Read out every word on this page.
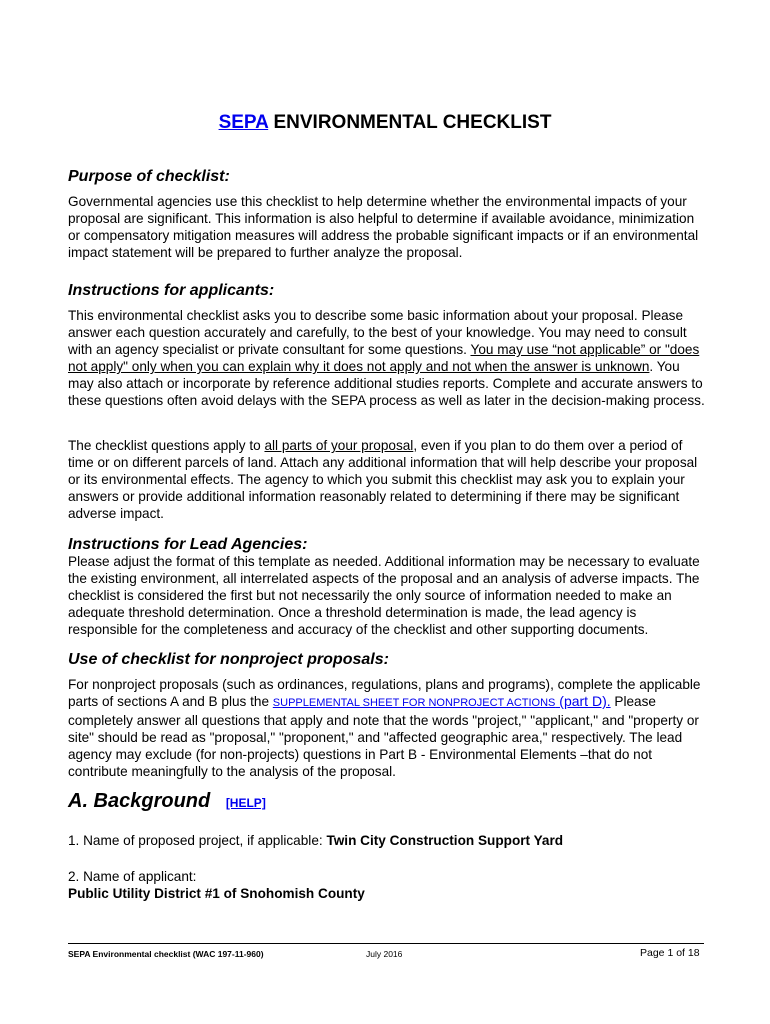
SEPA ENVIRONMENTAL CHECKLIST
Purpose of checklist:
Governmental agencies use this checklist to help determine whether the environmental impacts of your
proposal are significant. This information is also helpful to determine if available avoidance, minimization
or compensatory mitigation measures will address the probable significant impacts or if an environmental
impact statement will be prepared to further analyze the proposal.
Instructions for applicants:

This environmental checklist asks you to describe some basic information about your proposal. Please answer each question accurately and carefully, to the best of your knowledge. You may need to consult with an agency specialist or private consultant for some questions. You may use “not applicable” or "does not apply" only when you can explain why it does not apply and not when the answer is unknown. You may also attach or incorporate by reference additional studies reports. Complete and accurate answers to these questions often avoid delays with the SEPA process as well as later in the decision-making process.

The checklist questions apply to all parts of your proposal, even if you plan to do them over a period of time or on different parcels of land. Attach any additional information that will help describe your proposal or its environmental effects. The agency to which you submit this checklist may ask you to explain your answers or provide additional information reasonably related to determining if there may be significant adverse impact.

Instructions for Lead Agencies:

Please adjust the format of this template as needed. Additional information may be necessary to evaluate the existing environment, all interrelated aspects of the proposal and an analysis of adverse impacts. The checklist is considered the first but not necessarily the only source of information needed to make an adequate threshold determination. Once a threshold determination is made, the lead agency is responsible for the completeness and accuracy of the checklist and other supporting documents.

Use of checklist for nonproject proposals:

For nonproject proposals (such as ordinances, regulations, plans and programs), complete the applicable parts of sections A and B plus the SUPPLEMENTAL SHEET FOR NONPROJECT ACTIONS (part D). Please completely answer all questions that apply and note that the words "project," "applicant," and "property or site" should be read as "proposal," "proponent," and "affected geographic area," respectively. The lead agency may exclude (for non-projects) questions in Part B - Environmental Elements –that do not contribute meaningfully to the analysis of the proposal.

A. Background [HELP]
1. Name of proposed project, if applicable: Twin City Construction Support Yard
2. Name of applicant:
Public Utility District #1 of Snohomish County
SEPA Environmental checklist (WAC 197-11-960)	July 2016	Page 1 of 18
